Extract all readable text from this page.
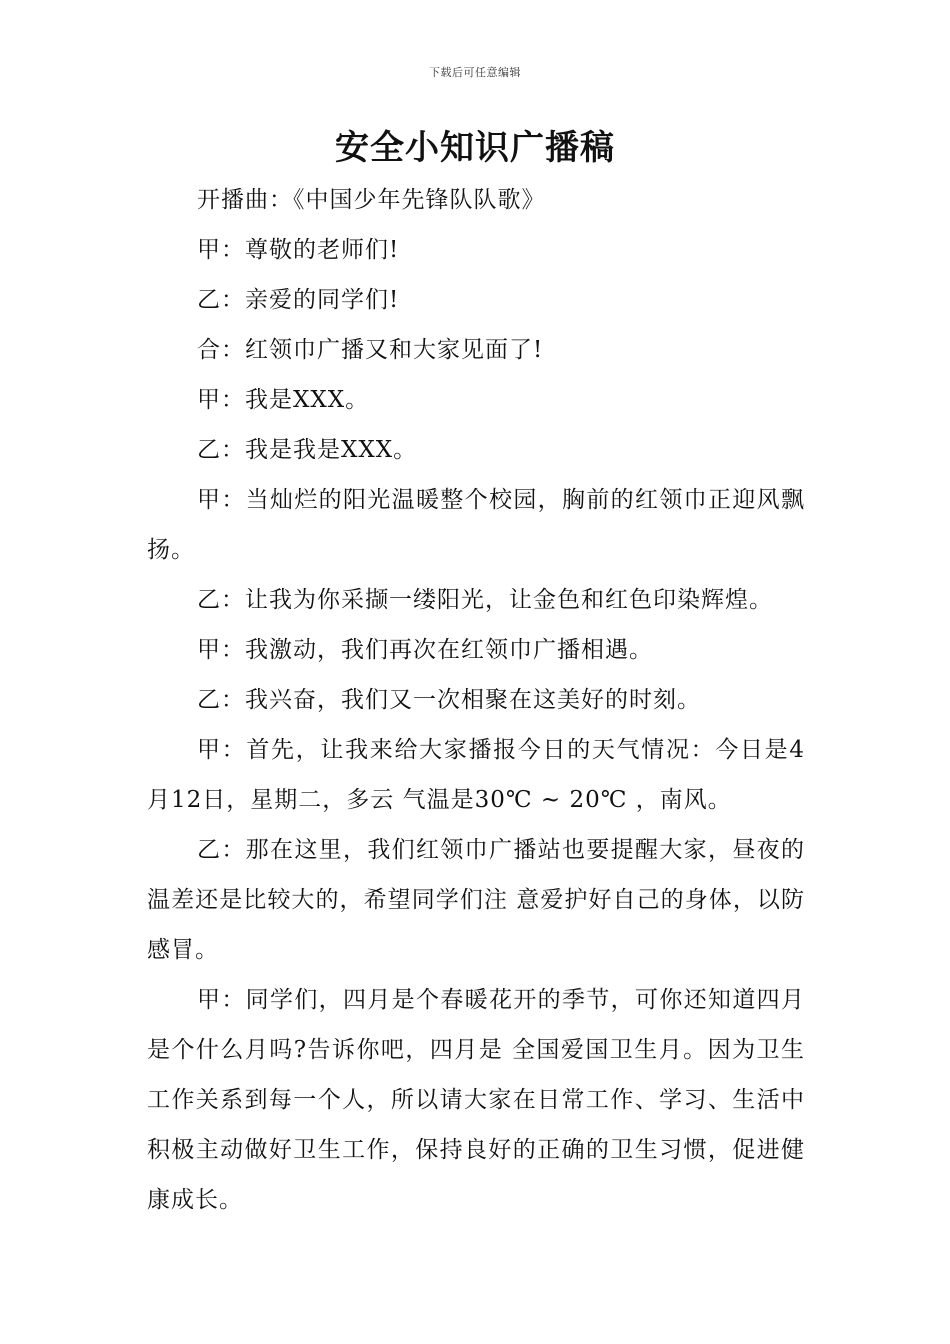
下载后可任意编辑
安全小知识广播稿

开播曲：《中国少年先锋队队歌》

甲：尊敬的老师们!

乙：亲爱的同学们!

合：红领巾广播又和大家见面了!

甲：我是XXX。

乙：我是我是XXX。

甲：当灿烂的阳光温暖整个校园，胸前的红领巾正迎风飘扬。

乙：让我为你采撷一缕阳光，让金色和红色印染辉煌。

甲：我激动，我们再次在红领巾广播相遇。

乙：我兴奋，我们又一次相聚在这美好的时刻。

甲：首先，让我来给大家播报今日的天气情况：今日是4月12日，星期二，多云 气温是30℃ ~ 20℃ ，南风。

乙：那在这里，我们红领巾广播站也要提醒大家，昼夜的温差还是比较大的，希望同学们注 意爱护好自己的身体，以防感冒。

甲：同学们，四月是个春暖花开的季节，可你还知道四月是个什么月吗?告诉你吧，四月是 全国爱国卫生月。因为卫生工作关系到每一个人，所以请大家在日常工作、学习、生活中积极主动做好卫生工作，保持良好的正确的卫生习惯，促进健康成长。
